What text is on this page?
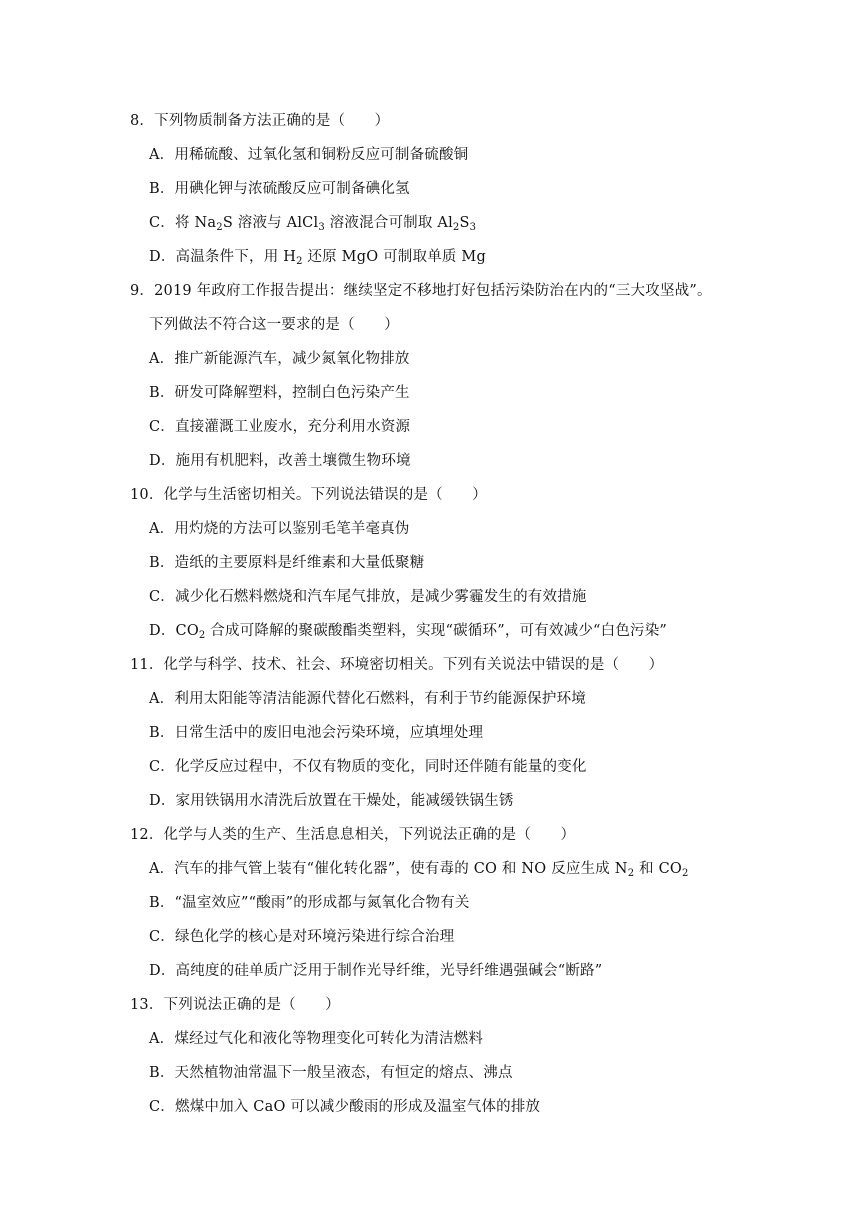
8．下列物质制备方法正确的是（　　）
A．用稀硫酸、过氧化氢和铜粉反应可制备硫酸铜
B．用碘化钾与浓硫酸反应可制备碘化氢
C．将 $Na_2S$ 溶液与 AlCl$_3$ 溶液混合可制取 $Al_2S_3$
D．高温条件下，用 $H_2$ 还原 MgO 可制取单质 Mg
9．2019 年政府工作报告提出：继续坚定不移地打好包括污染防治在内的“三大攻坚战”。
下列做法不符合这一要求的是（　　）
A．推广新能源汽车，减少氮氧化物排放
B．研发可降解塑料，控制白色污染产生
C．直接灌溉工业废水，充分利用水资源
D．施用有机肥料，改善土壤微生物环境
10．化学与生活密切相关。下列说法错误的是（　　）
A．用灼烧的方法可以鉴别毛笔羊毫真伪
B．造纸的主要原料是纤维素和大量低聚糖
C．减少化石燃料燃烧和汽车尾气排放，是减少雾霾发生的有效措施
D．$CO_2$ 合成可降解的聚碳酸酯类塑料，实现“碳循环”，可有效减少“白色污染”
11．化学与科学、技术、社会、环境密切相关。下列有关说法中错误的是（　　）
A．利用太阳能等清洁能源代替化石燃料，有利于节约能源保护环境
B．日常生活中的废旧电池会污染环境，应填埋处理
C．化学反应过程中，不仅有物质的变化，同时还伴随有能量的变化
D．家用铁锅用水清洗后放置在干燥处，能减缓铁锅生锈
12．化学与人类的生产、生活息息相关，下列说法正确的是（　　）
A．汽车的排气管上装有“催化转化器”，使有毒的 CO 和 NO 反应生成 $N_2$ 和 $CO_2$
B．“温室效应”“酸雨”的形成都与氮氧化合物有关
C．绿色化学的核心是对环境污染进行综合治理
D．高纯度的硅单质广泛用于制作光导纤维，光导纤维遇强碱会“断路”
13．下列说法正确的是（　　）
A．煤经过气化和液化等物理变化可转化为清洁燃料
B．天然植物油常温下一般呈液态，有恒定的熔点、沸点
C．燃煤中加入 CaO 可以减少酸雨的形成及温室气体的排放
